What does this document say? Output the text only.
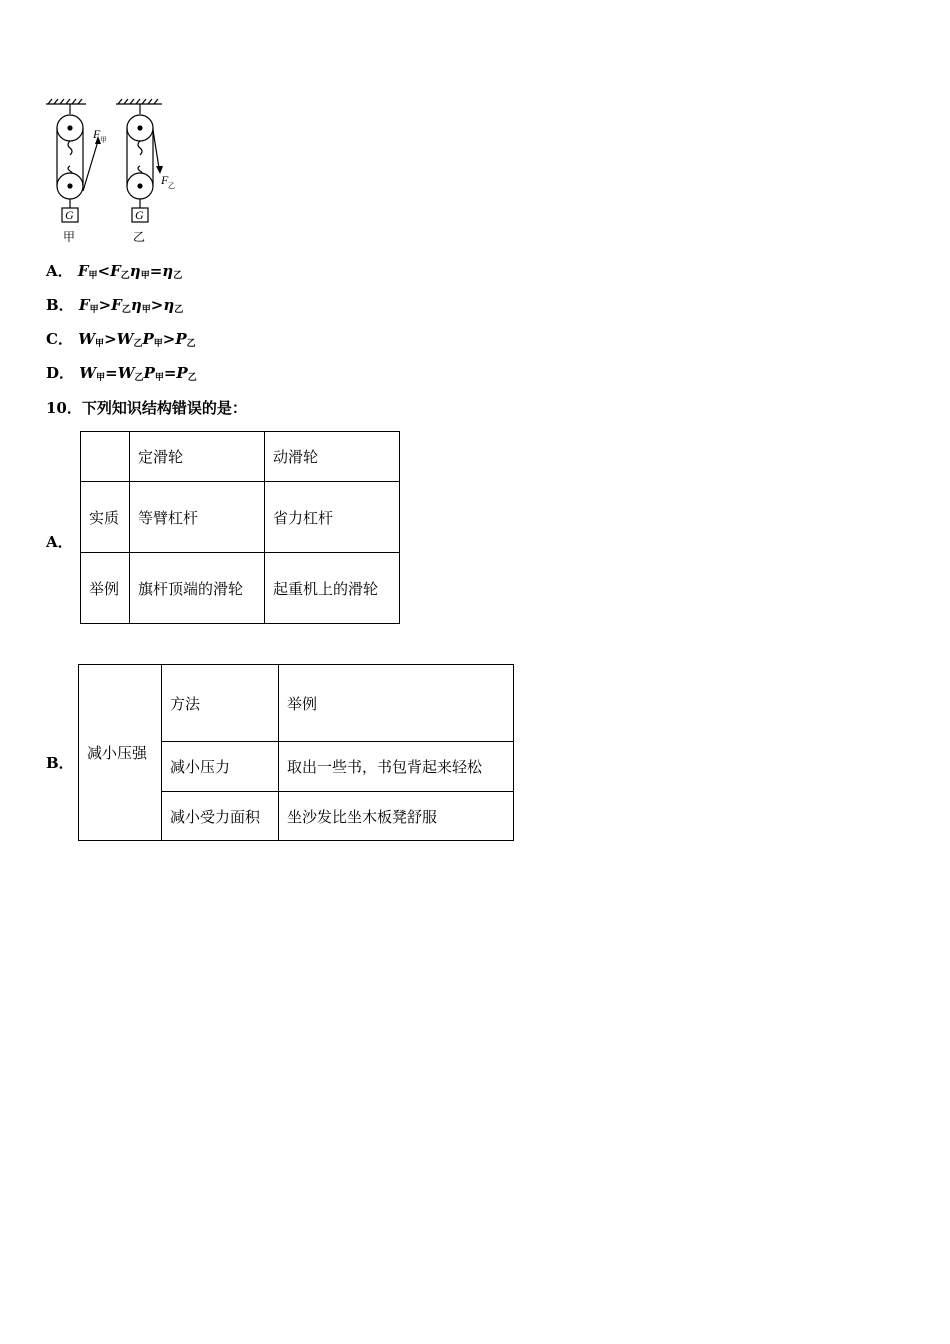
G	G
甲	乙
F 甲
F 乙
A． $F_甲<F_乙\eta_甲=\eta_乙$
B． $F_甲>F_乙\eta_甲>\eta_乙$
C． $W_甲>W_乙P_甲>P_乙$
D． $W_甲=W_乙P_甲=P_乙$
10．下列知识结构错误的是：
A．
	定滑轮	动滑轮
实质	等臂杠杆	省力杠杆
举例	旗杆顶端的滑轮	起重机上的滑轮
B．
减小压强	方法	举例
	减小压力	取出一些书，书包背起来轻松
	减小受力面积	坐沙发比坐木板凳舒服
